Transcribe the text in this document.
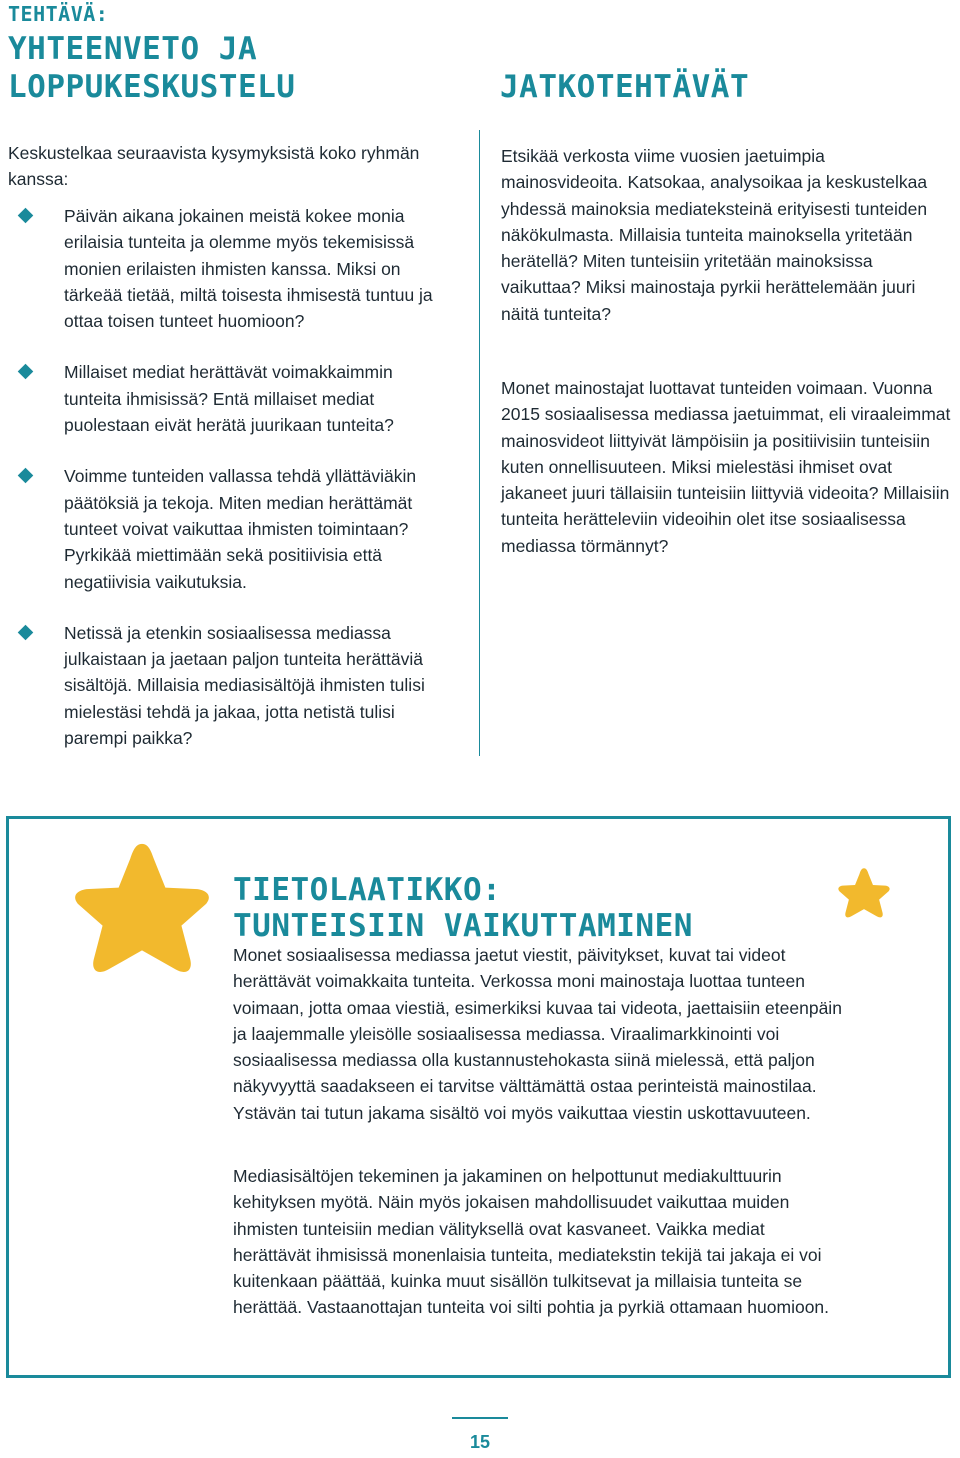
TEHTÄVÄ:
YHTEENVETO JA
LOPPUKESKUSTELU

Keskustelkaa seuraavista kysymyksistä koko ryhmän kanssa:

Päivän aikana jokainen meistä kokee monia erilaisia tunteita ja olemme myös tekemisissä monien erilaisten ihmisten kanssa. Miksi on tärkeää tietää, miltä toisesta ihmisestä tuntuu ja ottaa toisen tunteet huomioon?
Millaiset mediat herättävät voimakkaimmin tunteita ihmisissä? Entä millaiset mediat puolestaan eivät herätä juurikaan tunteita?
Voimme tunteiden vallassa tehdä yllättäviäkin päätöksiä ja tekoja. Miten median herättämät tunteet voivat vaikuttaa ihmisten toimintaan? Pyrkikää miettimään sekä positiivisia että negatiivisia vaikutuksia.
Netissä ja etenkin sosiaalisessa mediassa julkaistaan ja jaetaan paljon tunteita herättäviä sisältöjä. Millaisia mediasisältöjä ihmisten tulisi mielestäsi tehdä ja jakaa, jotta netistä tulisi parempi paikka?
JATKOTEHTÄVÄT

Etsikää verkosta viime vuosien jaetuimpia mainosvideoita. Katsokaa, analysoikaa ja keskustelkaa yhdessä mainoksia mediateksteinä erityisesti tunteiden näkökulmasta. Millaisia tunteita mainoksella yritetään herätellä? Miten tunteisiin yritetään mainoksissa vaikuttaa? Miksi mainostaja pyrkii herättelemään juuri näitä tunteita?

Monet mainostajat luottavat tunteiden voimaan. Vuonna 2015 sosiaalisessa mediassa jaetuimmat, eli viraaleimmat mainosvideot liittyivät lämpöisiin ja positiivisiin tunteisiin kuten onnellisuuteen. Miksi mielestäsi ihmiset ovat jakaneet juuri tällaisiin tunteisiin liittyviä videoita? Millaisiin tunteita herätteleviin videoihin olet itse sosiaalisessa mediassa törmännyt?

TIETOLAATIKKO:
TUNTEISIIN VAIKUTTAMINEN

Monet sosiaalisessa mediassa jaetut viestit, päivitykset, kuvat tai videot herättävät voimakkaita tunteita. Verkossa moni mainostaja luottaa tunteen voimaan, jotta omaa viestiä, esimerkiksi kuvaa tai videota, jaettaisiin eteenpäin ja laajemmalle yleisölle sosiaalisessa mediassa. Viraalimarkkinointi voi sosiaalisessa mediassa olla kustannustehokasta siinä mielessä, että paljon näkyvyyttä saadakseen ei tarvitse välttämättä ostaa perinteistä mainostilaa. Ystävän tai tutun jakama sisältö voi myös vaikuttaa viestin uskottavuuteen.

Mediasisältöjen tekeminen ja jakaminen on helpottunut mediakulttuurin kehityksen myötä. Näin myös jokaisen mahdollisuudet vaikuttaa muiden ihmisten tunteisiin median välityksellä ovat kasvaneet. Vaikka mediat herättävät ihmisissä monenlaisia tunteita, mediatekstin tekijä tai jakaja ei voi kuitenkaan päättää, kuinka muut sisällön tulkitsevat ja millaisia tunteita se herättää. Vastaanottajan tunteita voi silti pohtia ja pyrkiä ottamaan huomioon.

15
